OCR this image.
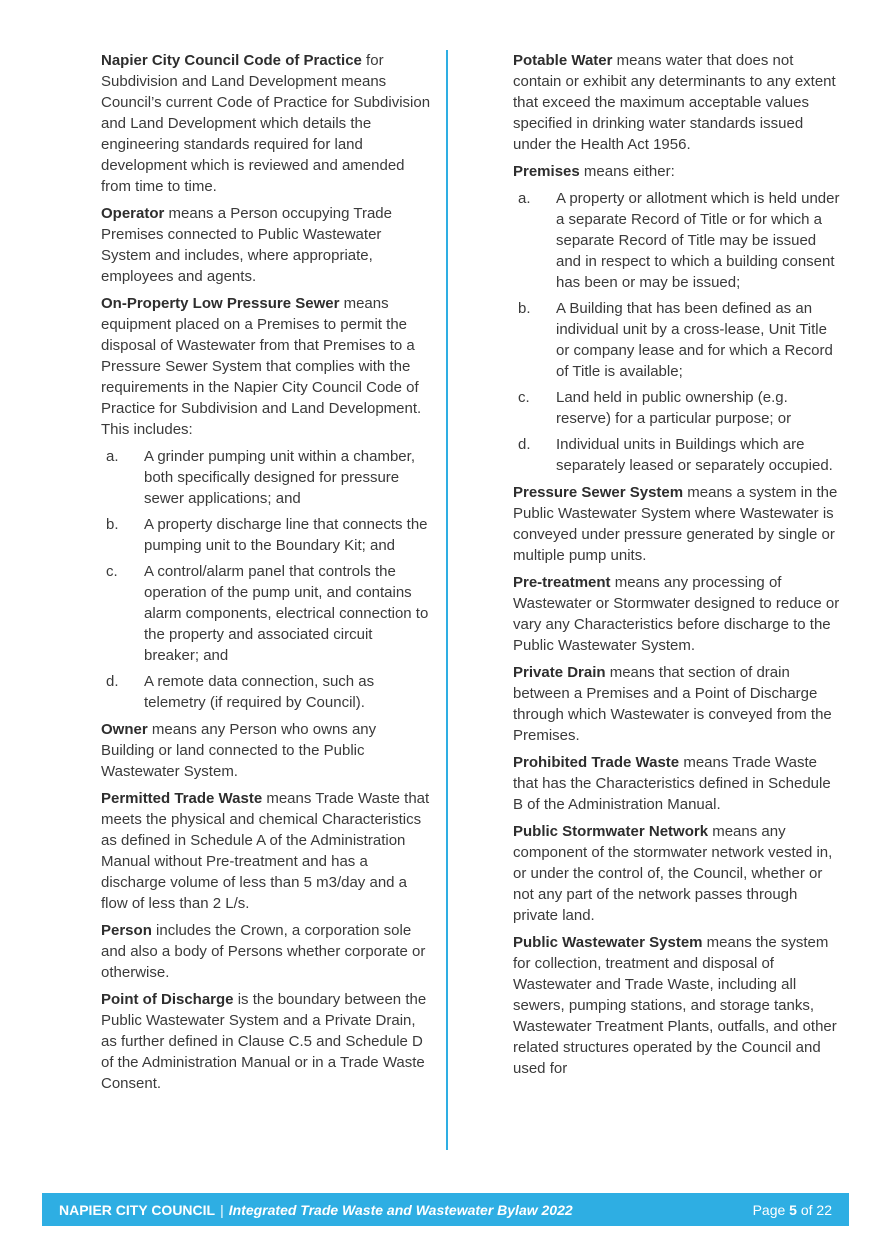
Napier City Council Code of Practice for Subdivision and Land Development means Council’s current Code of Practice for Subdivision and Land Development which details the engineering standards required for land development which is reviewed and amended from time to time.

Operator means a Person occupying Trade Premises connected to Public Wastewater System and includes, where appropriate, employees and agents.

On-Property Low Pressure Sewer means equipment placed on a Premises to permit the disposal of Wastewater from that Premises to a Pressure Sewer System that complies with the requirements in the Napier City Council Code of Practice for Subdivision and Land Development. This includes:

a.	A grinder pumping unit within a chamber, both specifically designed for pressure sewer applications; and
b.	A property discharge line that connects the pumping unit to the Boundary Kit; and
c.	A control/alarm panel that controls the operation of the pump unit, and contains alarm components, electrical connection to the property and associated circuit breaker; and
d.	A remote data connection, such as telemetry (if required by Council).

Owner means any Person who owns any Building or land connected to the Public Wastewater System.

Permitted Trade Waste means Trade Waste that meets the physical and chemical Characteristics as defined in Schedule A of the Administration Manual without Pre-treatment and has a discharge volume of less than 5 m3/day and a flow of less than 2 L/s.

Person includes the Crown, a corporation sole and also a body of Persons whether corporate or otherwise.

Point of Discharge is the boundary between the Public Wastewater System and a Private Drain, as further defined in Clause C.5 and Schedule D of the Administration Manual or in a Trade Waste Consent.

Potable Water means water that does not contain or exhibit any determinants to any extent that exceed the maximum acceptable values specified in drinking water standards issued under the Health Act 1956.

Premises means either:

a.	A property or allotment which is held under a separate Record of Title or for which a separate Record of Title may be issued and in respect to which a building consent has been or may be issued;
b.	A Building that has been defined as an individual unit by a cross-lease, Unit Title or company lease and for which a Record of Title is available;
c.	Land held in public ownership (e.g. reserve) for a particular purpose; or
d.	Individual units in Buildings which are separately leased or separately occupied.

Pressure Sewer System means a system in the Public Wastewater System where Wastewater is conveyed under pressure generated by single or multiple pump units.

Pre-treatment means any processing of Wastewater or Stormwater designed to reduce or vary any Characteristics before discharge to the Public Wastewater System.

Private Drain means that section of drain between a Premises and a Point of Discharge through which Wastewater is conveyed from the Premises.

Prohibited Trade Waste means Trade Waste that has the Characteristics defined in Schedule B of the Administration Manual.

Public Stormwater Network means any component of the stormwater network vested in, or under the control of, the Council, whether or not any part of the network passes through private land.

Public Wastewater System means the system for collection, treatment and disposal of Wastewater and Trade Waste, including all sewers, pumping stations, and storage tanks, Wastewater Treatment Plants, outfalls, and other related structures operated by the Council and used for

NAPIER CITY COUNCIL | Integrated Trade Waste and Wastewater Bylaw 2022	Page 5 of 22
